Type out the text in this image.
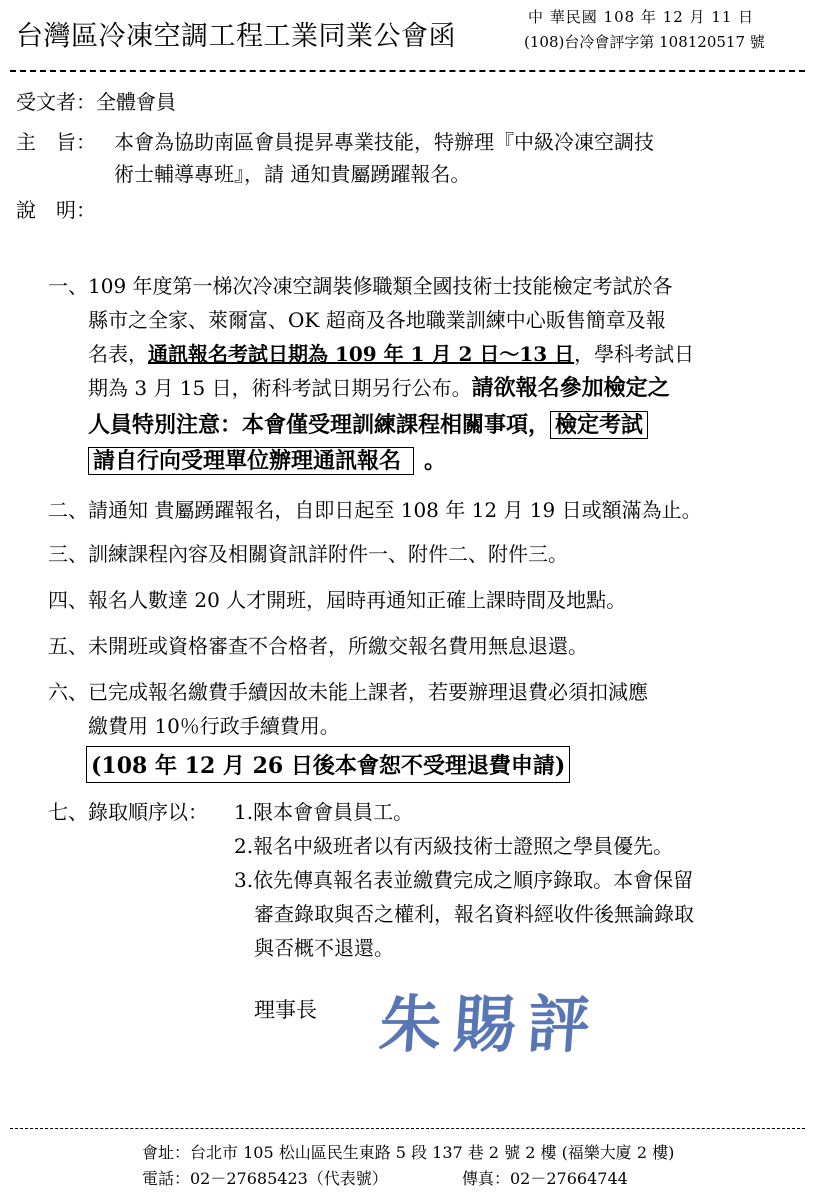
台灣區冷凍空調工程工業同業公會函
中 華民國 108 年 12 月 11 日
(108)台冷會評字第 108120517 號
受文者：全體會員
主　旨： 本會為協助南區會員提昇專業技能，特辦理『中級冷凍空調技
術士輔導專班』，請 通知貴屬踴躍報名。
說　明：
一、109 年度第一梯次冷凍空調裝修職類全國技術士技能檢定考試於各
縣市之全家、萊爾富、OK 超商及各地職業訓練中心販售簡章及報
名表，通訊報名考試日期為 109 年 1 月 2 日～13 日，學科考試日
期為 3 月 15 日，術科考試日期另行公布。請欲報名參加檢定之
人員特別注意：本會僅受理訓練課程相關事項， 檢定考試
請自行向受理單位辦理通訊報名 。
二、請通知 貴屬踴躍報名，自即日起至 108 年 12 月 19 日或額滿為止。
三、訓練課程內容及相關資訊詳附件一、附件二、附件三。
四、報名人數達 20 人才開班，屆時再通知正確上課時間及地點。
五、未開班或資格審查不合格者，所繳交報名費用無息退還。
六、已完成報名繳費手續因故未能上課者，若要辦理退費必須扣減應
繳費用 10％行政手續費用。
(108 年 12 月 26 日後本會恕不受理退費申請)
七、錄取順序以： 1.限本會會員員工。
2.報名中級班者以有丙級技術士證照之學員優先。
3.依先傳真報名表並繳費完成之順序錄取。本會保留
審查錄取與否之權利，報名資料經收件後無論錄取
與否概不退還。
理事長 朱賜評
會址：台北市 105 松山區民生東路 5 段 137 巷 2 號 2 樓 (福樂大廈 2 樓)
電話：02－27685423（代表號）	傳真：02－27664744
